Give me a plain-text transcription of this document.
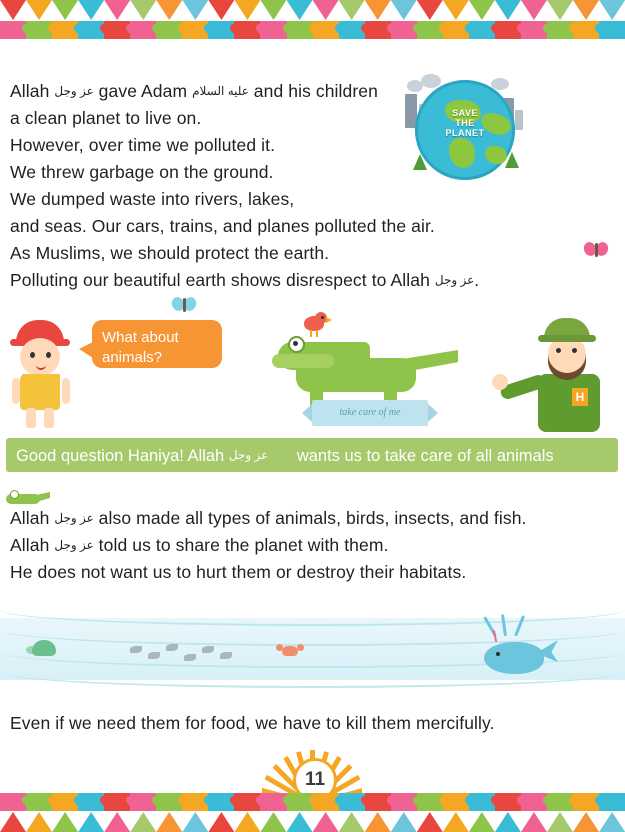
Allah عز وجل gave Adam عليه السلام and his children
a clean planet to live on.
However, over time we polluted it.
We threw garbage on the ground.
We dumped waste into rivers, lakes,
and seas. Our cars, trains, and planes polluted the air.
As Muslims, we should protect the earth.
Polluting our beautiful earth shows disrespect to Allah عز وجل.
SAVE
THE
PLANET
What about
animals?
take care of me
H
Good question Haniya! Allah عز وجل wants us to take care of all animals
Allah عز وجل also made all types of animals, birds, insects, and fish.
Allah عز وجل told us to share the planet with them.
He does not want us to hurt them or destroy their habitats.
Even if we need them for food, we have to kill them mercifully.
11
